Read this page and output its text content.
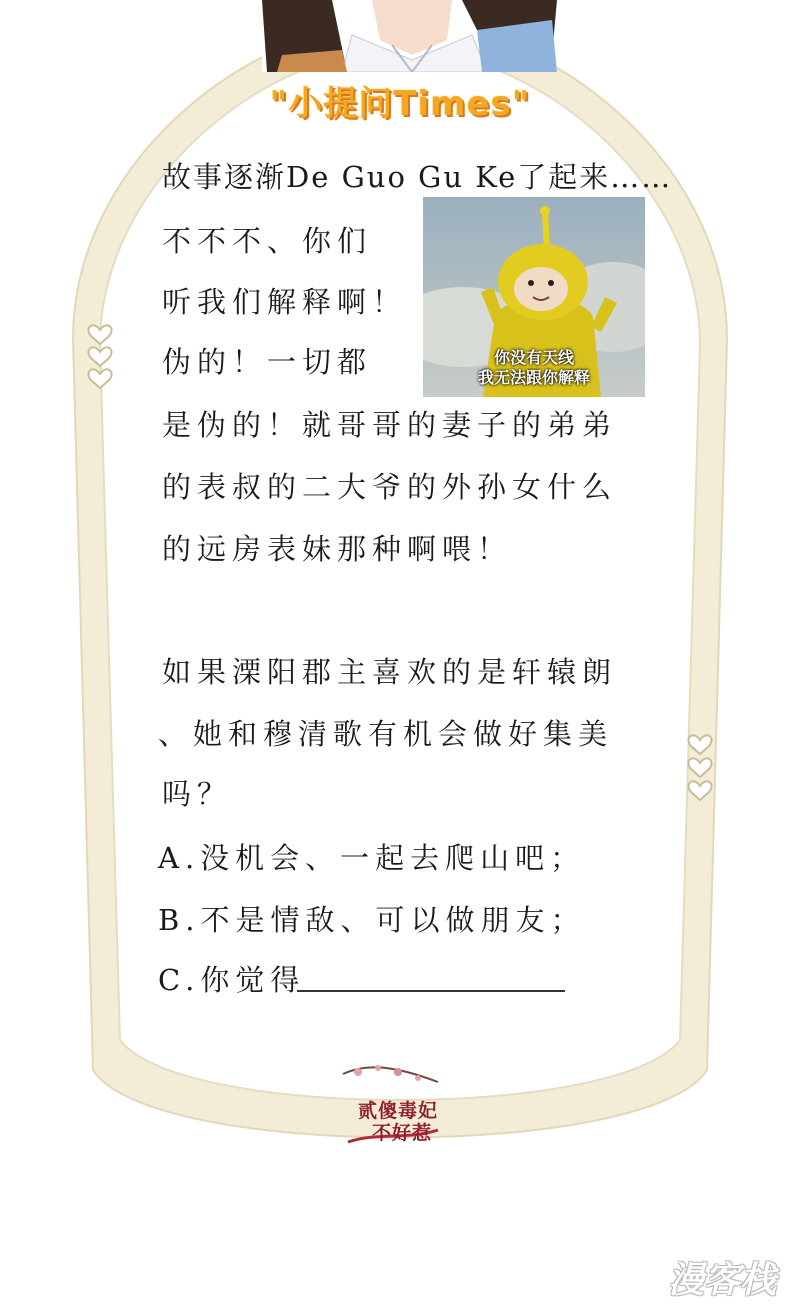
"小提问Times"
故事逐渐De Guo Gu Ke了起来……
不不不、你们
听我们解释啊！
伪的！一切都
是伪的！就哥哥的妻子的弟弟
的表叔的二大爷的外孙女什么
的远房表妹那种啊喂！
如果溧阳郡主喜欢的是轩辕朗
、她和穆清歌有机会做好集美
吗？
A.没机会、一起去爬山吧；
B.不是情敌、可以做朋友；
C.你觉得
你没有天线
我无法跟你解释
贰傻毒妃
不好惹
漫客栈
